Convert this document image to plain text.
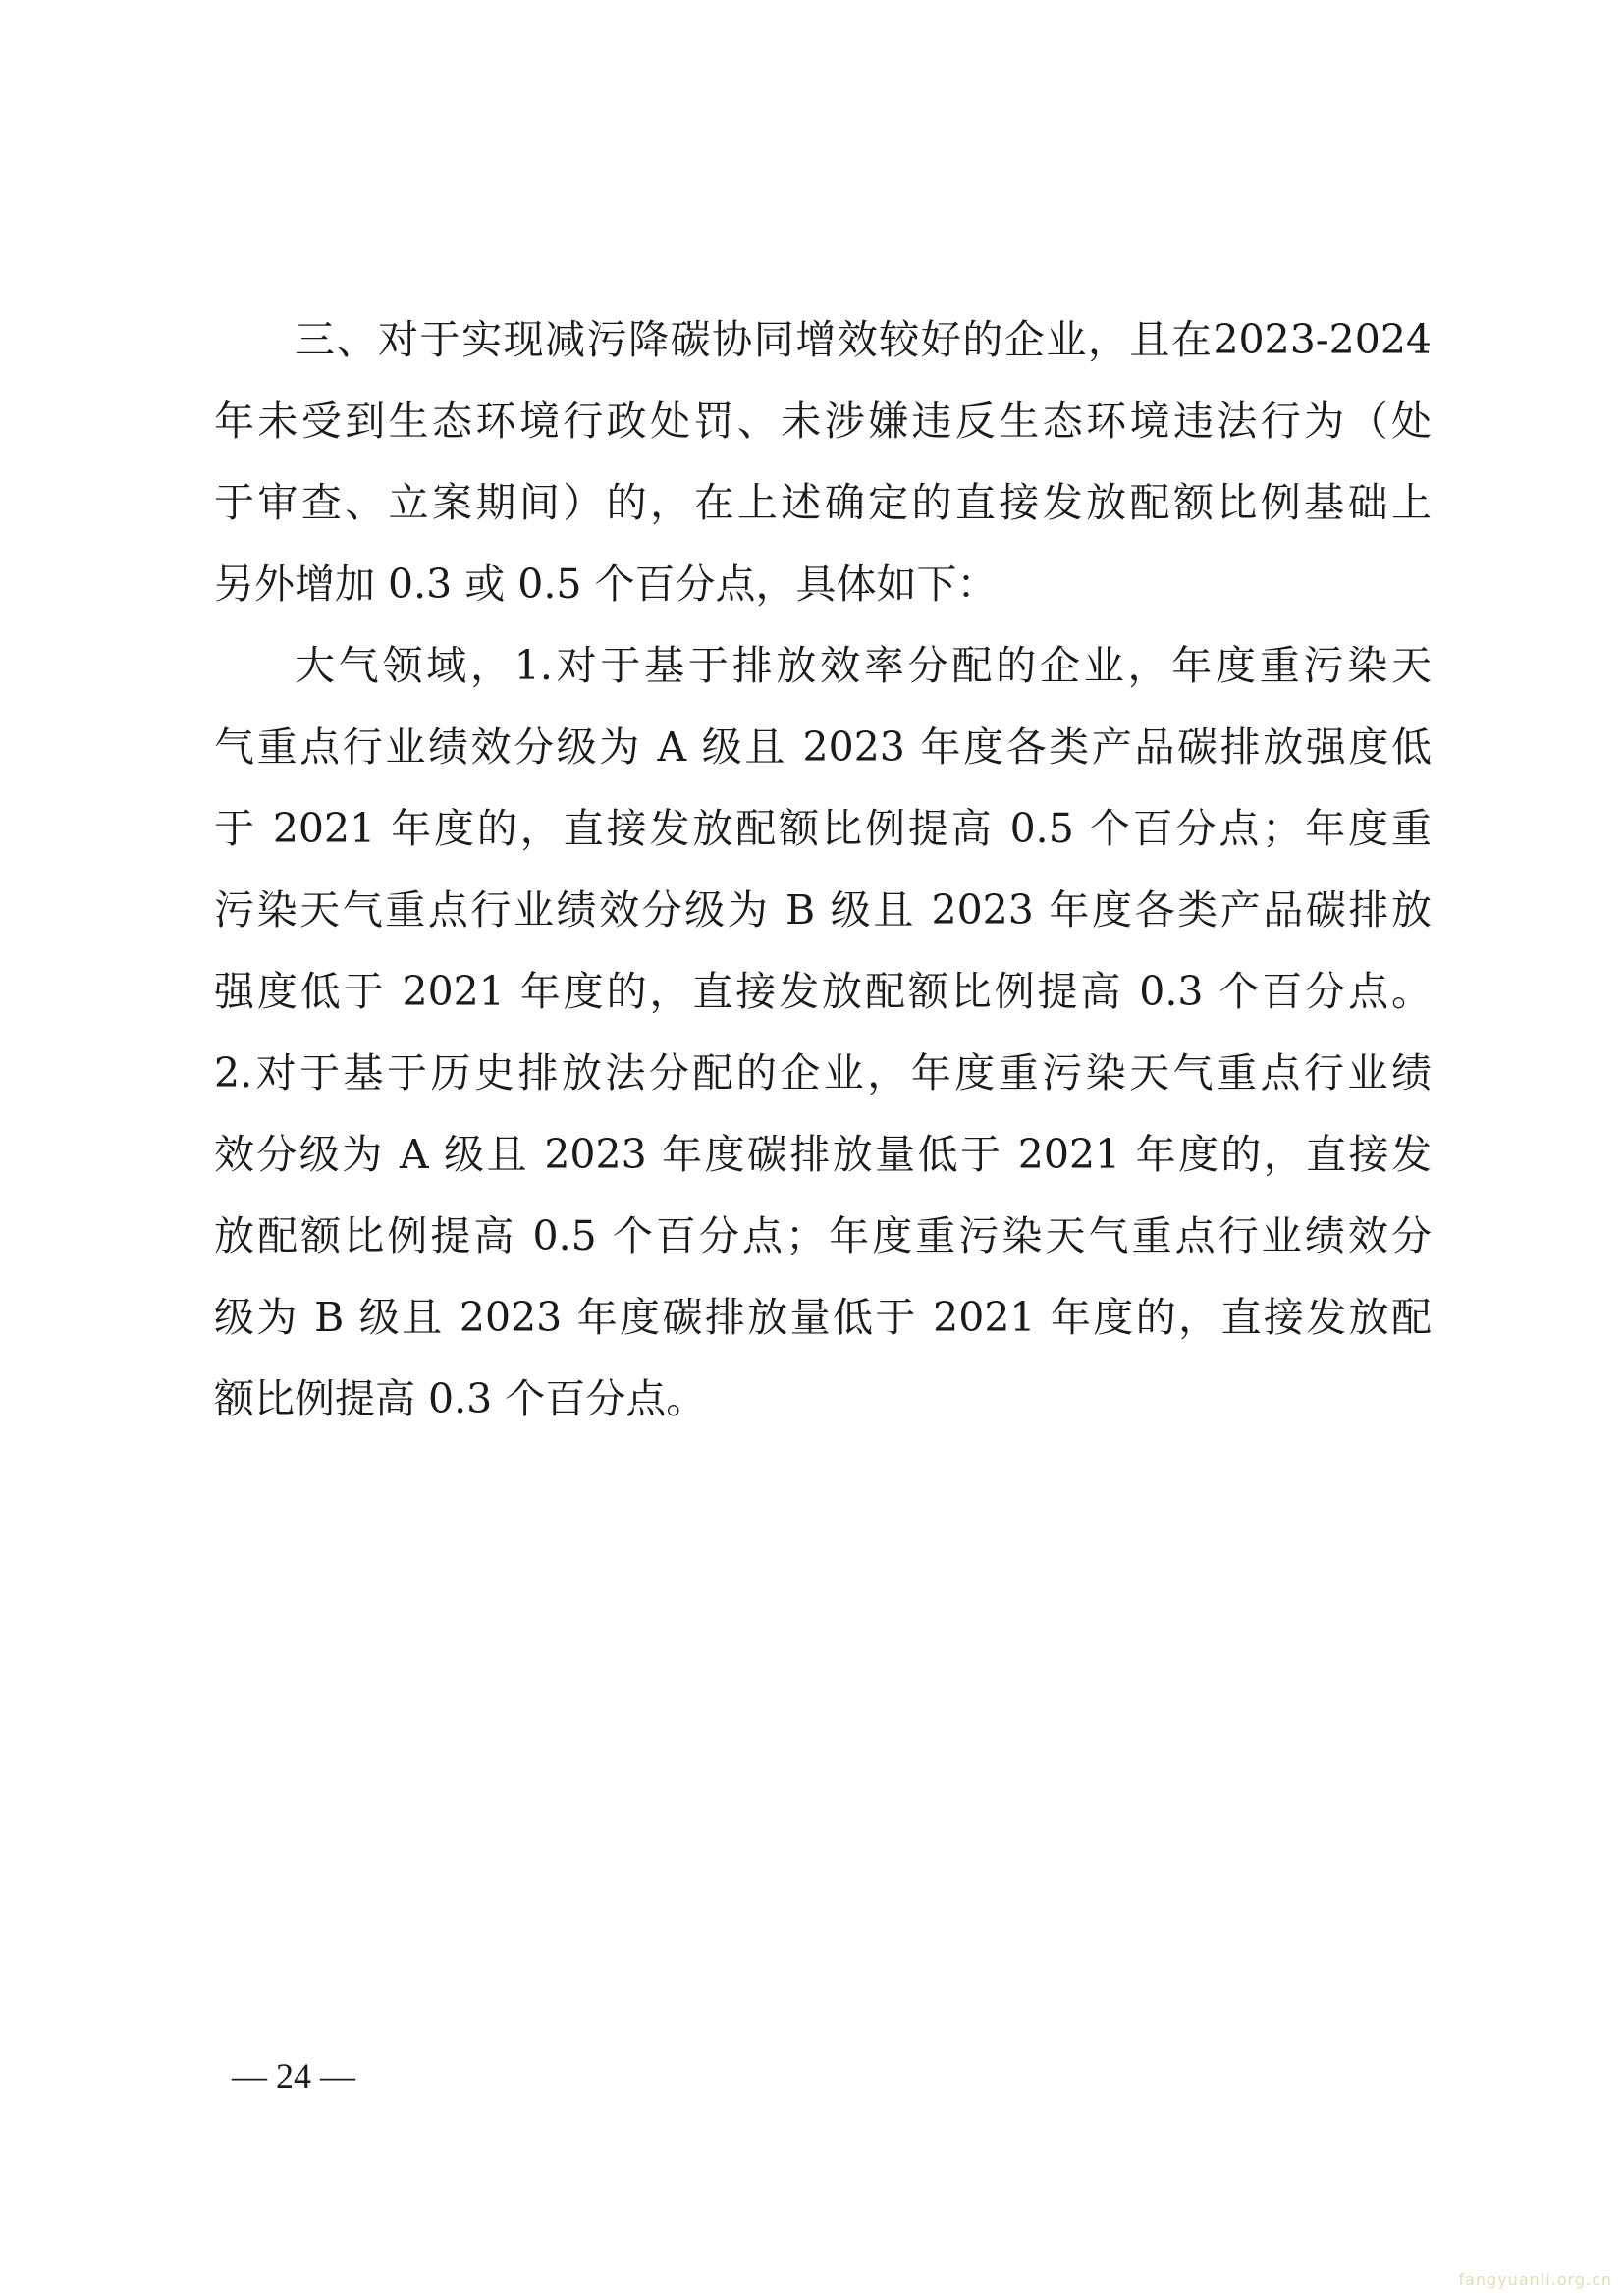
三、对于实现减污降碳协同增效较好的企业，且在2023-2024
年未受到生态环境行政处罚、未涉嫌违反生态环境违法行为（处
于审查、立案期间）的，在上述确定的直接发放配额比例基础上
另外增加 0.3 或 0.5 个百分点，具体如下：
大气领域，1.对于基于排放效率分配的企业，年度重污染天
气重点行业绩效分级为 A 级且 2023 年度各类产品碳排放强度低
于 2021 年度的，直接发放配额比例提高 0.5 个百分点；年度重
污染天气重点行业绩效分级为 B 级且 2023 年度各类产品碳排放
强度低于 2021 年度的，直接发放配额比例提高 0.3 个百分点。
2.对于基于历史排放法分配的企业，年度重污染天气重点行业绩
效分级为 A 级且 2023 年度碳排放量低于 2021 年度的，直接发
放配额比例提高 0.5 个百分点；年度重污染天气重点行业绩效分
级为 B 级且 2023 年度碳排放量低于 2021 年度的，直接发放配
额比例提高 0.3 个百分点。
— 24 —
fangyuanli.org.cn
